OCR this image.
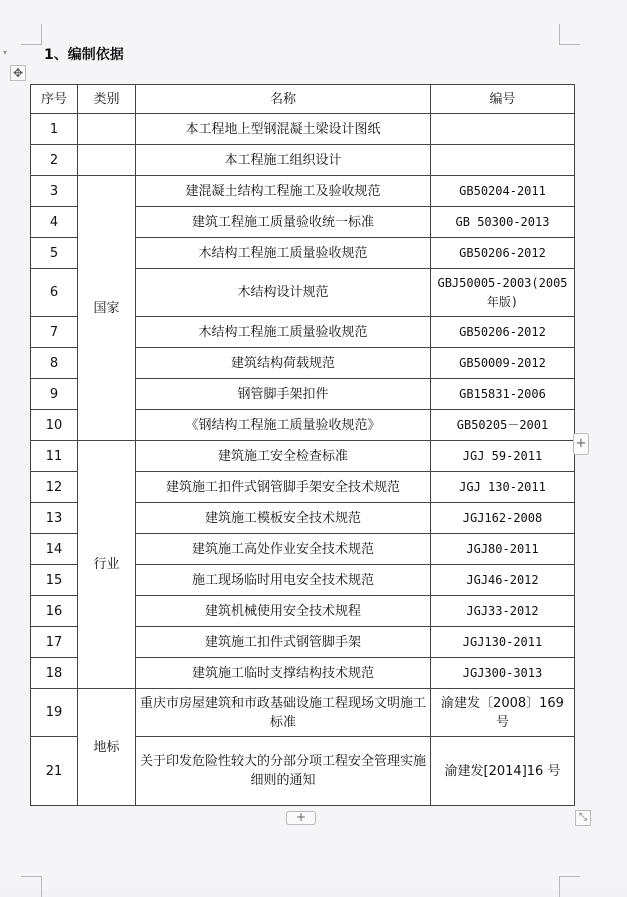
▾	1、编制依据
✥
序号	类别	名称	编号
1		本工程地上型钢混凝土梁设计图纸	
2		本工程施工组织设计	
3	国家	建混凝土结构工程施工及验收规范	GB50204-2011
4		建筑工程施工质量验收统一标准	GB 50300-2013
5		木结构工程施工质量验收规范	GB50206-2012
6		木结构设计规范	GBJ50005-2003(2005年版)
7		木结构工程施工质量验收规范	GB50206-2012
8		建筑结构荷载规范	GB50009-2012
9		钢管脚手架扣件	GB15831-2006
10		《钢结构工程施工质量验收规范》	GB50205－2001
11	行业	建筑施工安全检查标准	JGJ 59-2011
12		建筑施工扣件式钢管脚手架安全技术规范	JGJ 130-2011
13		建筑施工模板安全技术规范	JGJ162-2008
14		建筑施工高处作业安全技术规范	JGJ80-2011
15		施工现场临时用电安全技术规范	JGJ46-2012
16		建筑机械使用安全技术规程	JGJ33-2012
17		建筑施工扣件式钢管脚手架	JGJ130-2011
18		建筑施工临时支撑结构技术规范	JGJ300-3013
19	地标	重庆市房屋建筑和市政基础设施工程现场文明施工标准	渝建发〔2008〕169 号
21		关于印发危险性较大的分部分项工程安全管理实施细则的通知	渝建发[2014]16 号
+
+	⤡
